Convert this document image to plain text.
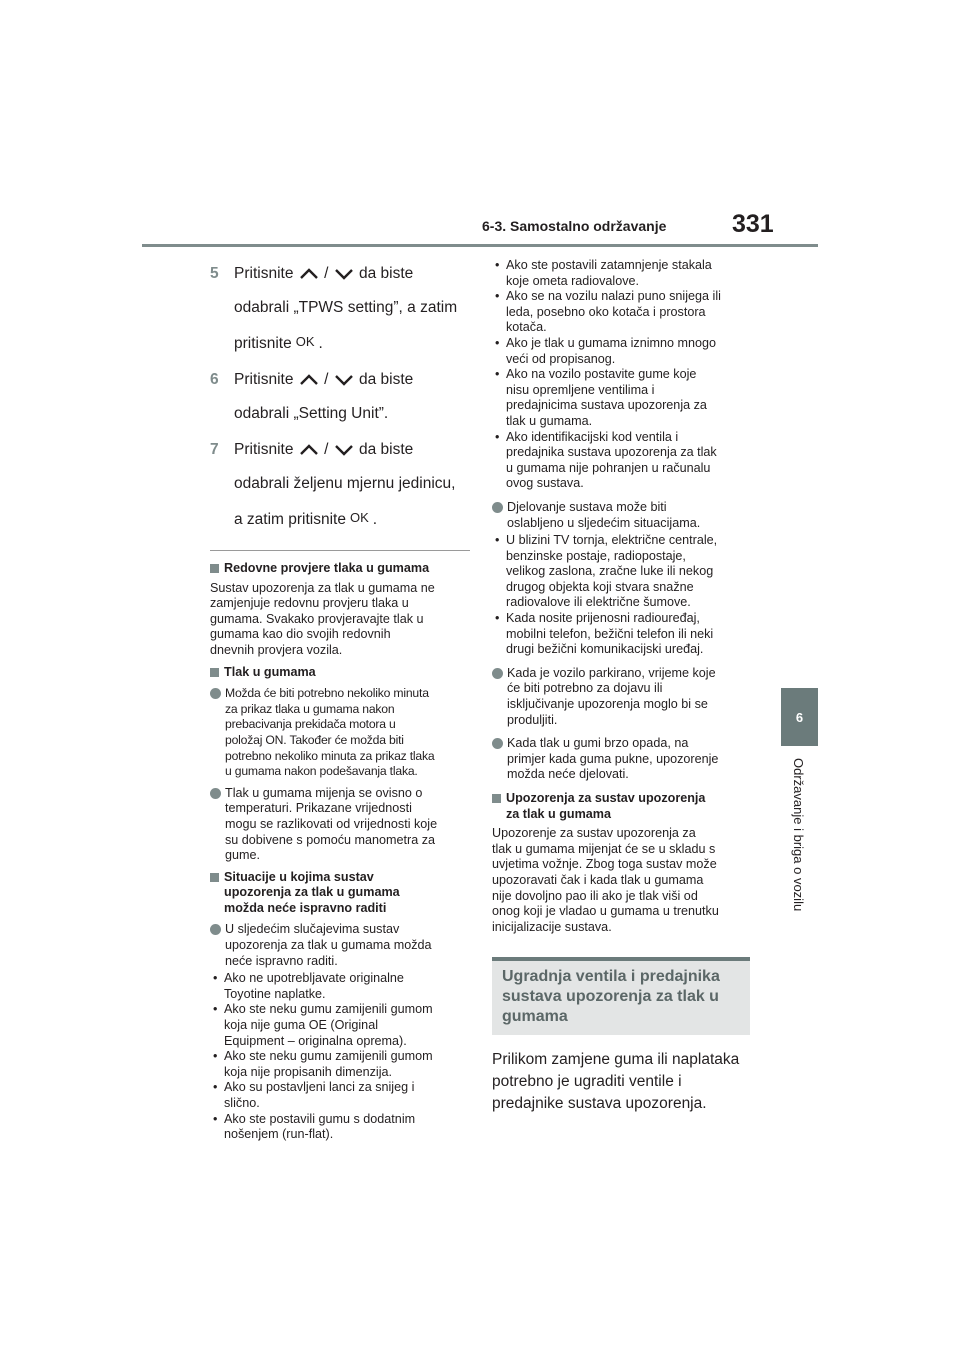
6-3. Samostalno održavanje	331
6
Održavanje i briga o vozilu
5 Pritisnite / da biste
odabrali „TPWS setting”, a zatim
pritisnite OK .
6 Pritisnite / da biste
odabrali „Setting Unit”.
7 Pritisnite / da biste
odabrali željenu mjernu jedinicu,
a zatim pritisnite OK .
Redovne provjere tlaka u gumama
Sustav upozorenja za tlak u gumama ne
zamjenjuje redovnu provjeru tlaka u
gumama. Svakako provjeravajte tlak u
gumama kao dio svojih redovnih
dnevnih provjera vozila.
Tlak u gumama
Možda će biti potrebno nekoliko minuta
za prikaz tlaka u gumama nakon
prebacivanja prekidača motora u
položaj ON. Također će možda biti
potrebno nekoliko minuta za prikaz tlaka
u gumama nakon podešavanja tlaka.
Tlak u gumama mijenja se ovisno o
temperaturi. Prikazane vrijednosti
mogu se razlikovati od vrijednosti koje
su dobivene s pomoću manometra za
gume.
Situacije u kojima sustav
upozorenja za tlak u gumama
možda neće ispravno raditi
U sljedećim slučajevima sustav
upozorenja za tlak u gumama možda
neće ispravno raditi.
• Ako ne upotrebljavate originalne
Toyotine naplatke.
• Ako ste neku gumu zamijenili gumom
koja nije guma OE (Original
Equipment – originalna oprema).
• Ako ste neku gumu zamijenili gumom
koja nije propisanih dimenzija.
• Ako su postavljeni lanci za snijeg i
slično.
• Ako ste postavili gumu s dodatnim
nošenjem (run-flat).
• Ako ste postavili zatamnjenje stakala
koje ometa radiovalove.
• Ako se na vozilu nalazi puno snijega ili
leda, posebno oko kotača i prostora
kotača.
• Ako je tlak u gumama iznimno mnogo
veći od propisanog.
• Ako na vozilo postavite gume koje
nisu opremljene ventilima i
predajnicima sustava upozorenja za
tlak u gumama.
• Ako identifikacijski kod ventila i
predajnika sustava upozorenja za tlak
u gumama nije pohranjen u računalu
ovog sustava.
Djelovanje sustava može biti
oslabljeno u sljedećim situacijama.
• U blizini TV tornja, električne centrale,
benzinske postaje, radiopostaje,
velikog zaslona, zračne luke ili nekog
drugog objekta koji stvara snažne
radiovalove ili električne šumove.
• Kada nosite prijenosni radiouređaj,
mobilni telefon, bežični telefon ili neki
drugi bežični komunikacijski uređaj.
Kada je vozilo parkirano, vrijeme koje
će biti potrebno za dojavu ili
isključivanje upozorenja moglo bi se
produljiti.
Kada tlak u gumi brzo opada, na
primjer kada guma pukne, upozorenje
možda neće djelovati.
Upozorenja za sustav upozorenja
za tlak u gumama
Upozorenje za sustav upozorenja za
tlak u gumama mijenjat će se u skladu s
uvjetima vožnje. Zbog toga sustav može
upozoravati čak i kada tlak u gumama
nije dovoljno pao ili ako je tlak viši od
onog koji je vladao u gumama u trenutku
inicijalizacije sustava.
Ugradnja ventila i predajnika
sustava upozorenja za tlak u
gumama
Prilikom zamjene guma ili naplataka
potrebno je ugraditi ventile i
predajnike sustava upozorenja.
